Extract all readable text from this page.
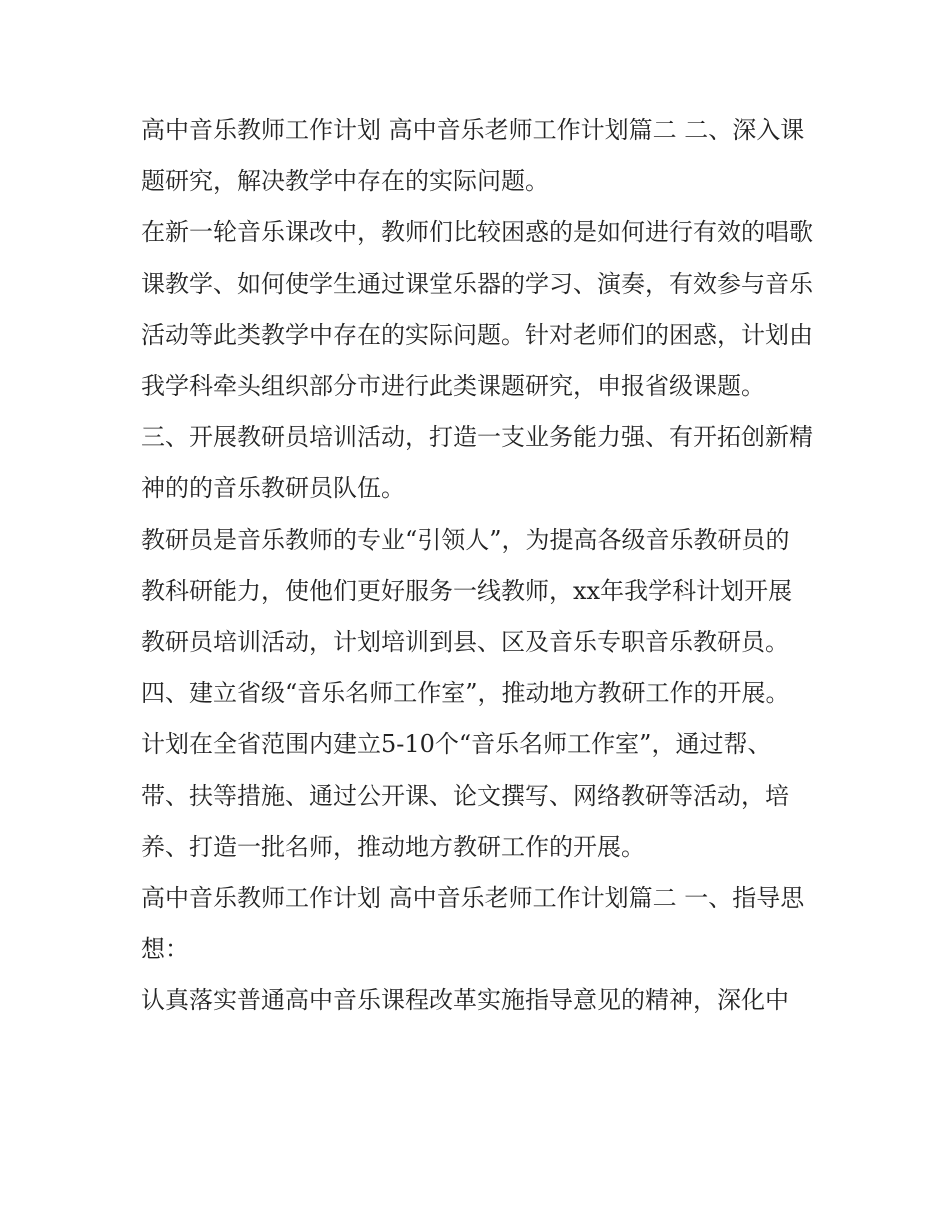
高中音乐教师工作计划 高中音乐老师工作计划篇二 二、深入课题研究，解决教学中存在的实际问题。

在新一轮音乐课改中，教师们比较困惑的是如何进行有效的唱歌课教学、如何使学生通过课堂乐器的学习、演奏，有效参与音乐活动等此类教学中存在的实际问题。针对老师们的困惑，计划由我学科牵头组织部分市进行此类课题研究，申报省级课题。

三、开展教研员培训活动，打造一支业务能力强、有开拓创新精神的的音乐教研员队伍。

教研员是音乐教师的专业“引领人”，为提高各级音乐教研员的教科研能力，使他们更好服务一线教师，xx年我学科计划开展教研员培训活动，计划培训到县、区及音乐专职音乐教研员。

四、建立省级“音乐名师工作室”，推动地方教研工作的开展。

计划在全省范围内建立5-10个“音乐名师工作室”，通过帮、带、扶等措施、通过公开课、论文撰写、网络教研等活动，培养、打造一批名师，推动地方教研工作的开展。

高中音乐教师工作计划 高中音乐老师工作计划篇二 一、指导思想：

认真落实普通高中音乐课程改革实施指导意见的精神，深化中
